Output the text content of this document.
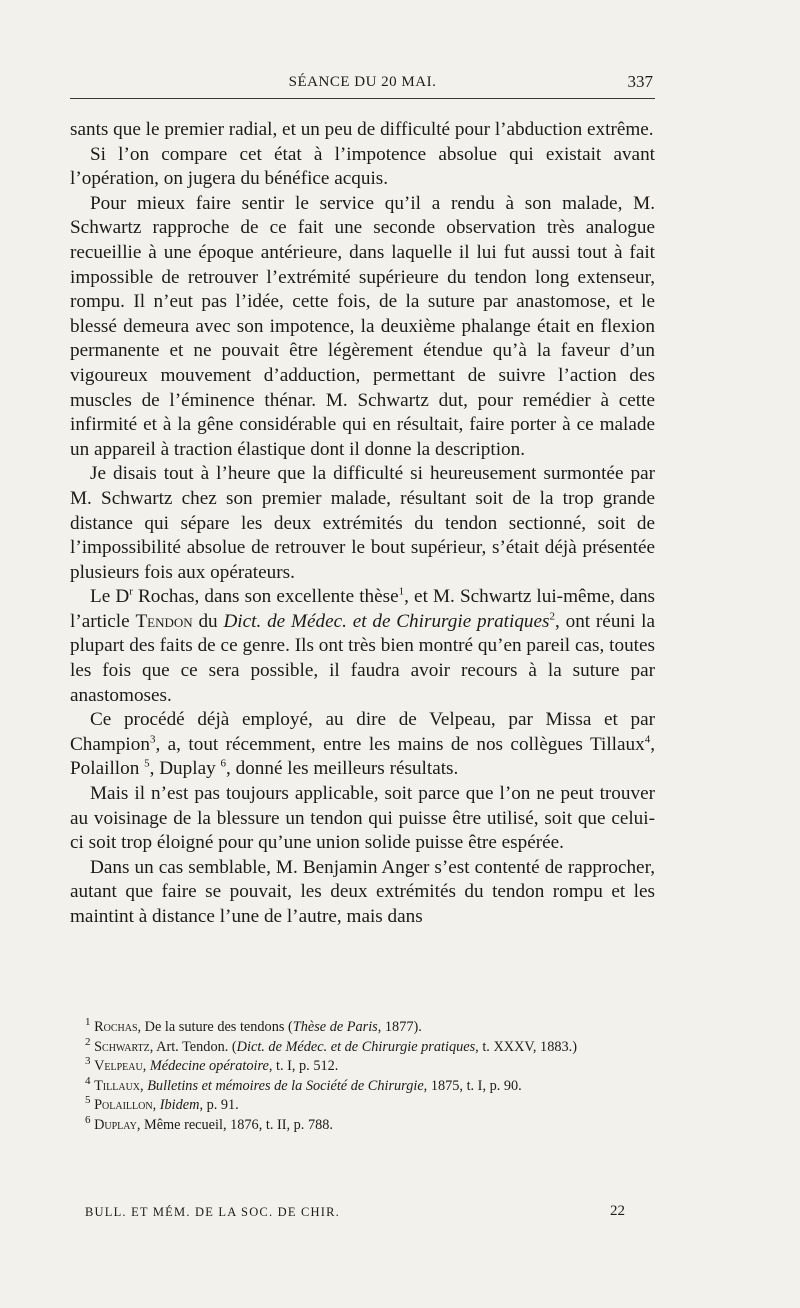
SÉANCE DU 20 MAI.	337

sants que le premier radial, et un peu de difficulté pour l’abduction extrême.

Si l’on compare cet état à l’impotence absolue qui existait avant l’opération, on jugera du bénéfice acquis.

Pour mieux faire sentir le service qu’il a rendu à son malade, M. Schwartz rapproche de ce fait une seconde observation très analogue recueillie à une époque antérieure, dans laquelle il lui fut aussi tout à fait impossible de retrouver l’extrémité supérieure du tendon long extenseur, rompu. Il n’eut pas l’idée, cette fois, de la suture par anastomose, et le blessé demeura avec son impotence, la deuxième phalange était en flexion permanente et ne pouvait être légèrement étendue qu’à la faveur d’un vigoureux mouvement d’adduction, permettant de suivre l’action des muscles de l’éminence thénar. M. Schwartz dut, pour remédier à cette infirmité et à la gêne considérable qui en résultait, faire porter à ce malade un appareil à traction élastique dont il donne la description.

Je disais tout à l’heure que la difficulté si heureusement surmontée par M. Schwartz chez son premier malade, résultant soit de la trop grande distance qui sépare les deux extrémités du tendon sectionné, soit de l’impossibilité absolue de retrouver le bout supérieur, s’était déjà présentée plusieurs fois aux opérateurs.

Le $D^r$ Rochas, dans son excellente thèse$^1$, et M. Schwartz lui-même, dans l’article Tendon du Dict. de Médec. et de Chirurgie pratiques$^2$, ont réuni la plupart des faits de ce genre. Ils ont très bien montré qu’en pareil cas, toutes les fois que ce sera possible, il faudra avoir recours à la suture par anastomoses.

Ce procédé déjà employé, au dire de Velpeau, par Missa et par Champion$^3$, a, tout récemment, entre les mains de nos collègues Tillaux$^4$, Polaillon $^5$, Duplay $^6$, donné les meilleurs résultats.

Mais il n’est pas toujours applicable, soit parce que l’on ne peut trouver au voisinage de la blessure un tendon qui puisse être utilisé, soit que celui-ci soit trop éloigné pour qu’une union solide puisse être espérée.

Dans un cas semblable, M. Benjamin Anger s’est contenté de rapprocher, autant que faire se pouvait, les deux extrémités du tendon rompu et les maintint à distance l’une de l’autre, mais dans

$^1$ Rochas, De la suture des tendons (Thèse de Paris, 1877).

$^2$ Schwartz, Art. Tendon. (Dict. de Médec. et de Chirurgie pratiques, t. XXXV, 1883.)

$^3$ Velpeau, Médecine opératoire, t. I, p. 512.

$^4$ Tillaux, Bulletins et mémoires de la Société de Chirurgie, 1875, t. I, p. 90.

$^5$ Polaillon, Ibidem, p. 91.

$^6$ Duplay, Même recueil, 1876, t. II, p. 788.

BULL. ET MÉM. DE LA SOC. DE CHIR.	22
